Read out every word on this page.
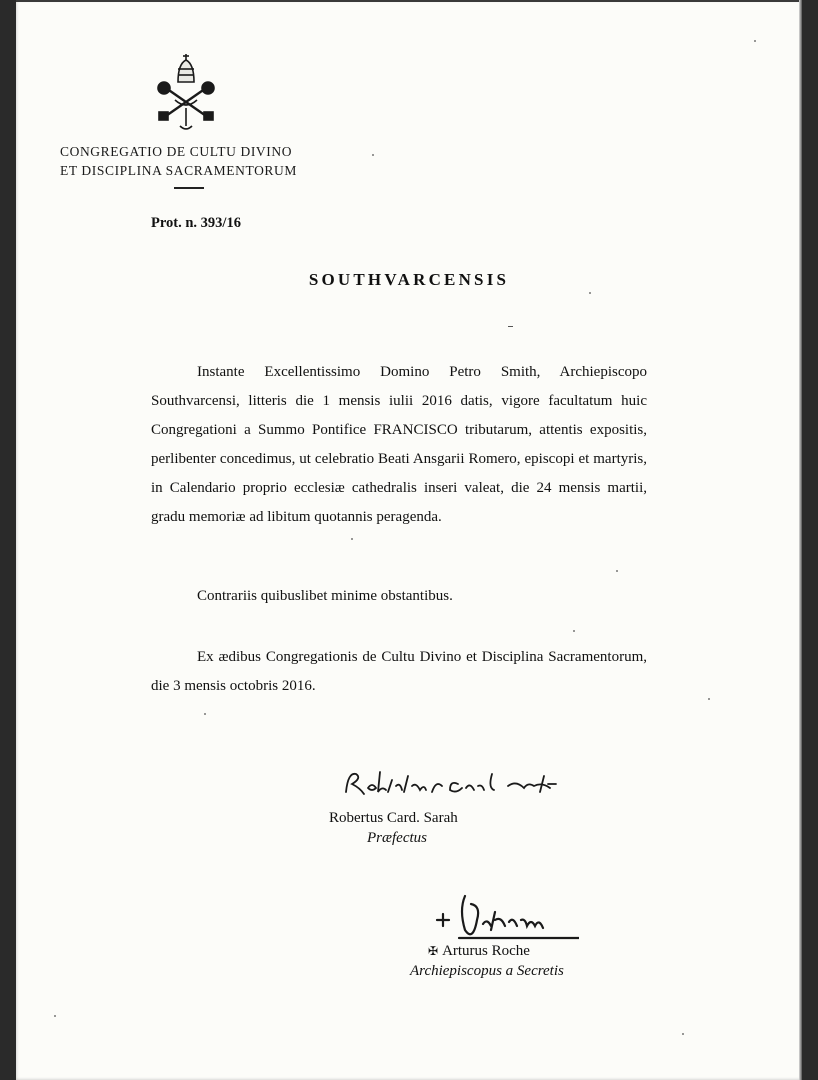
CONGREGATIO DE CULTU DIVINO
ET DISCIPLINA SACRAMENTORUM
Prot. n. 393/16
SOUTHVARCENSIS

Instante Excellentissimo Domino Petro Smith, Archiepiscopo Southvarcensi, litteris die 1 mensis iulii 2016 datis, vigore facultatum huic Congregationi a Summo Pontifice FRANCISCO tributarum, attentis expositis, perlibenter concedimus, ut celebratio Beati Ansgarii Romero, episcopi et martyris, in Calendario proprio ecclesiæ cathedralis inseri valeat, die 24 mensis martii, gradu memoriæ ad libitum quotannis peragenda.

Contrariis quibuslibet minime obstantibus.

Ex ædibus Congregationis de Cultu Divino et Disciplina Sacramentorum, die 3 mensis octobris 2016.

Robertus Card. Sarah
Præfectus
✠ Arturus Roche
Archiepiscopus a Secretis
